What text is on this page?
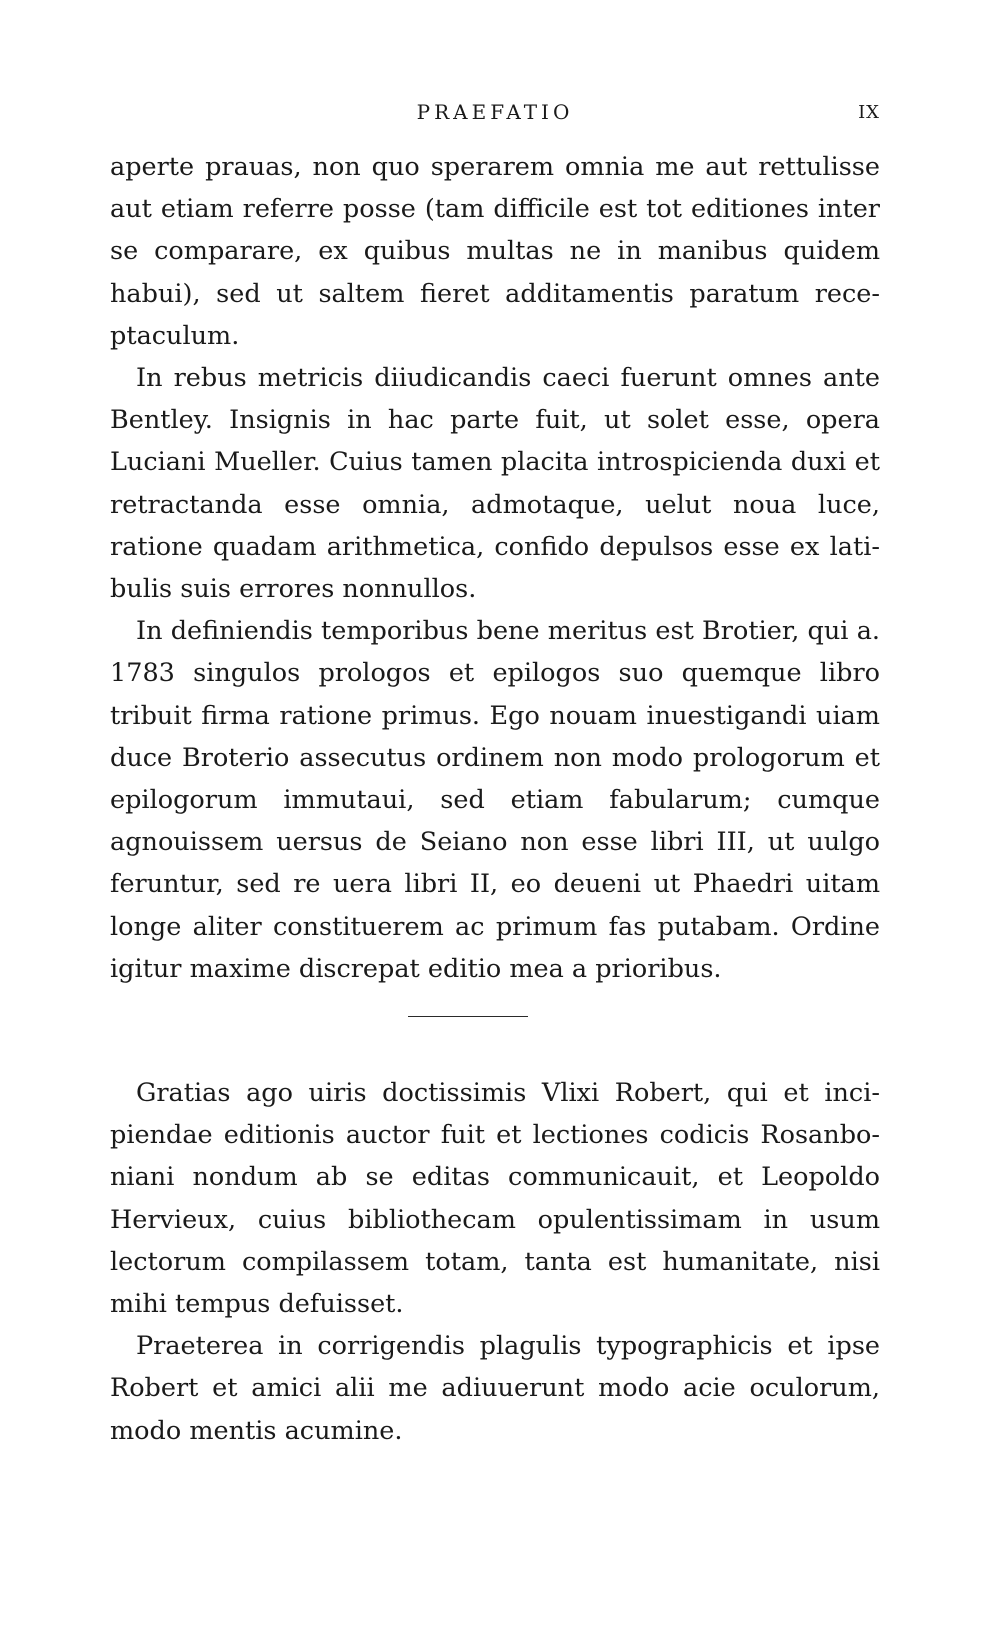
PRAEFATIO	IX

aperte prauas, non quo sperarem omnia me aut rettulisse aut etiam referre posse (tam difficile est tot editiones inter se comparare, ex quibus multas ne in manibus quidem habui), sed ut saltem fieret additamentis paratum receptaculum.

In rebus metricis diiudicandis caeci fuerunt omnes ante Bentley. Insignis in hac parte fuit, ut solet esse, opera Luciani Mueller. Cuius tamen placita introspicienda duxi et retractanda esse omnia, admotaque, uelut noua luce, ratione quadam arithmetica, confido depulsos esse ex latibulis suis errores nonnullos.

In definiendis temporibus bene meritus est Brotier, qui a. 1783 singulos prologos et epilogos suo quemque libro tribuit firma ratione primus. Ego nouam inuestigandi uiam duce Broterio assecutus ordinem non modo prologorum et epilogorum immutaui, sed etiam fabularum; cumque agnouissem uersus de Seiano non esse libri III, ut uulgo feruntur, sed re uera libri II, eo deueni ut Phaedri uitam longe aliter constituerem ac primum fas putabam. Ordine igitur maxime discrepat editio mea a prioribus.

Gratias ago uiris doctissimis Vlixi Robert, qui et incipiendae editionis auctor fuit et lectiones codicis Rosanboniani nondum ab se editas communicauit, et Leopoldo Hervieux, cuius bibliothecam opulentissimam in usum lectorum compilassem totam, tanta est humanitate, nisi mihi tempus defuisset.

Praeterea in corrigendis plagulis typographicis et ipse Robert et amici alii me adiuuerunt modo acie oculorum, modo mentis acumine.
